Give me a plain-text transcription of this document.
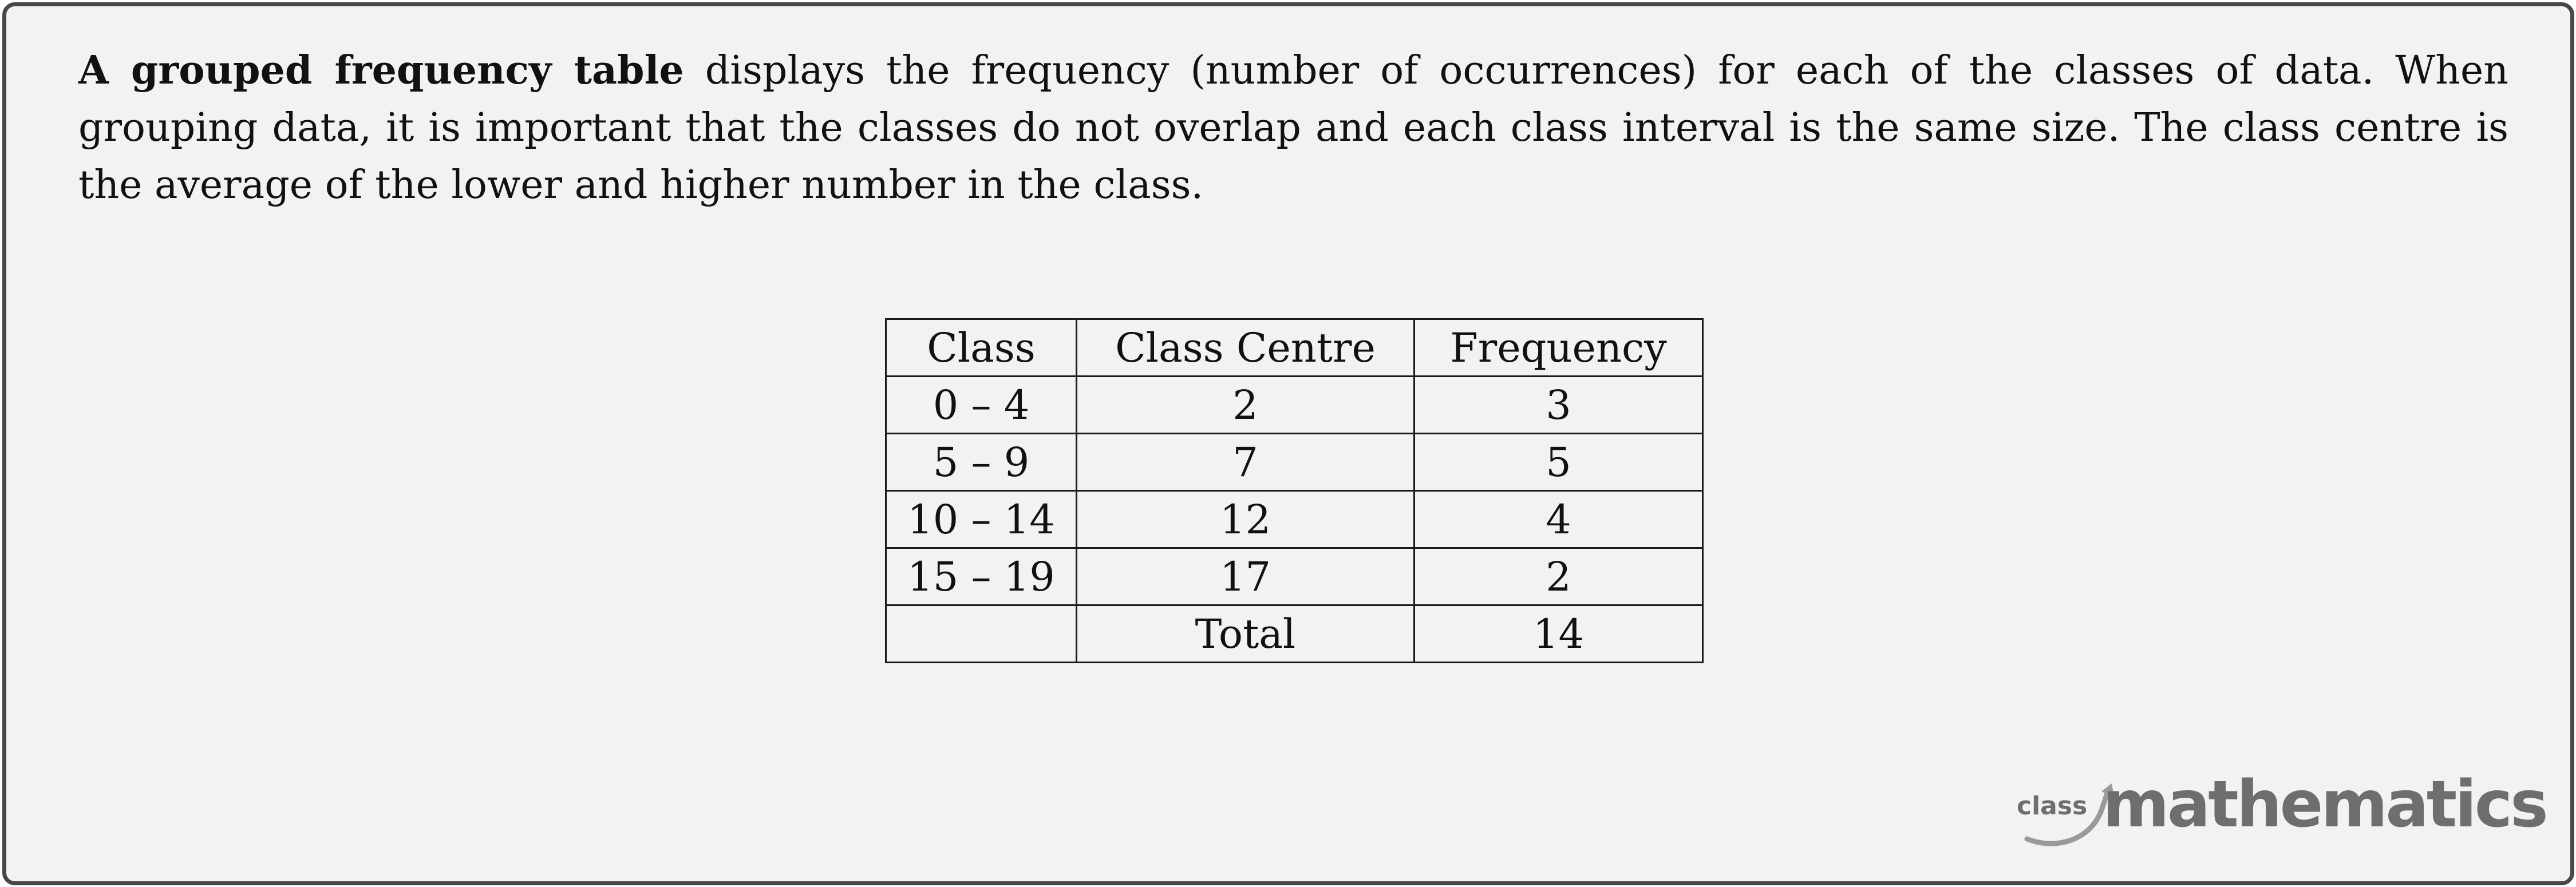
A grouped frequency table displays the frequency (number of occurrences) for each of the classes of data. When grouping data, it is important that the classes do not overlap and each class interval is the same size. The class centre is the average of the lower and higher number in the class.

Class	Class Centre	Frequency
0 – 4	2	3
5 – 9	7	5
10 – 14	12	4
15 – 19	17	2
	Total	14
class mathematics
